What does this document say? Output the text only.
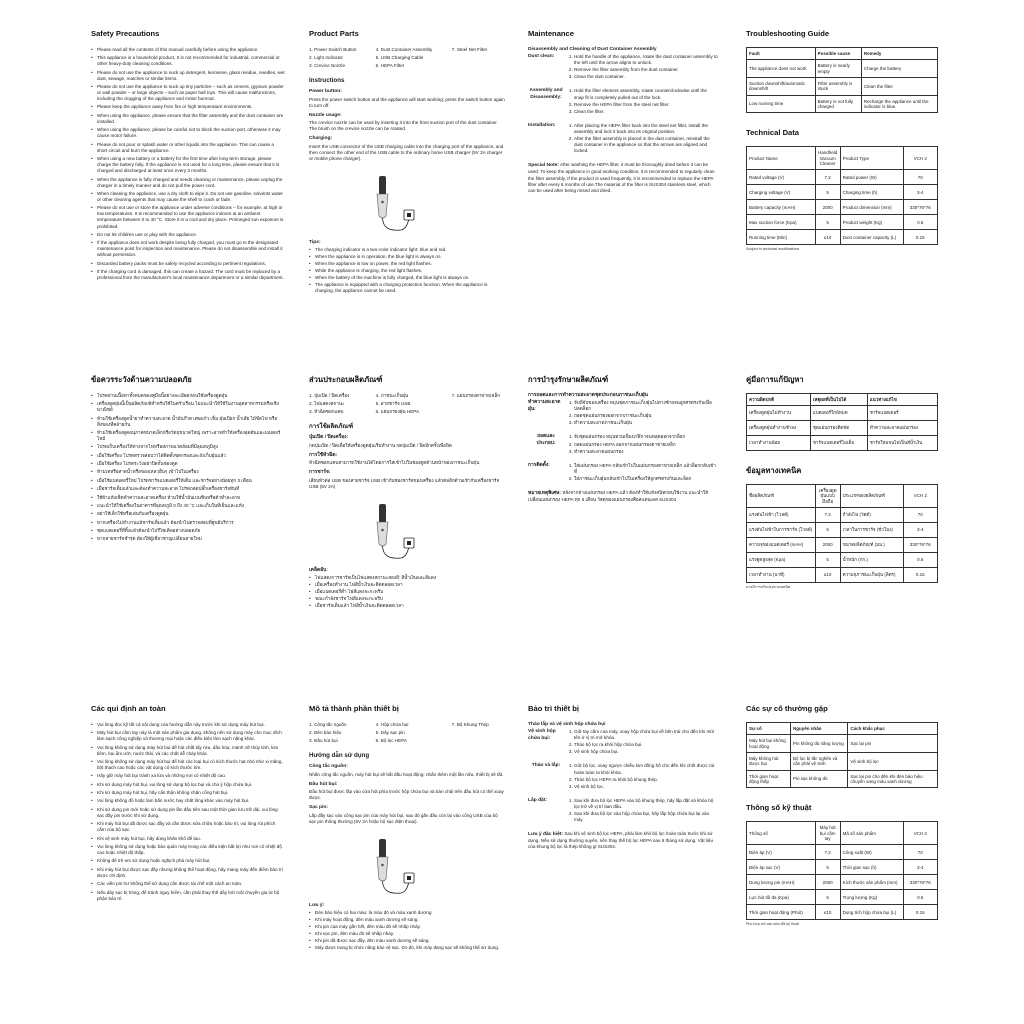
Safety Precautions
• Please read all the contents of this manual carefully before using the appliance.
• This appliance is a household product. It is not recommended for industrial, commercial or other heavy-duty cleaning conditions.
• Please do not use the appliance to suck up detergent, kerosene, glass residue, needles, wet dust, sewage, matches or similar items.
• Please do not use the appliance to suck up tiny particles – such as cement, gypsum powder or wall powder – or large objects – such as paper ball toys. This will cause malfunctions, including the clogging of the appliance and motor burnout.
• Please keep the appliance away from fire or high temperature environments.
• When using the appliance, please ensure that the filter assembly and the dust container are installed.
• When using the appliance, please be careful not to block the suction port, otherwise it may cause motor failure.
• Please do not pour or splash water or other liquids into the appliance. This can cause a short circuit and burn the appliance.
• When using a new battery or a battery for the first time after long-term storage, please charge the battery fully. If the appliance is not used for a long time, please ensure that it is charged and discharged at least once every 3 months.
• When the appliance is fully charged and needs cleaning or maintenance, please unplug the charger in a timely manner and do not pull the power cord.
• When cleaning the appliance, use a dry cloth to wipe it. Do not use gasoline, solvents water or other cleaning agents that may cause the shell to crack or fade.
• Please do not use or store the appliance under adverse conditions – for example, at high or low temperatures. It is recommended to use the appliance indoors at an ambient temperature between 0 to 40 °C. Store it in a cool and dry place. Prolonged sun exposure is prohibited.
• Do not let children use or play with the appliance.
• If the appliance does not work despite being fully charged, you must go to the designated maintenance point for inspection and maintenance. Please do not disassemble and install it without permission.
• Discarded battery packs must be safely recycled according to pertinent regulations.
• If the charging cord is damaged, this can create a hazard. The cord must be replaced by a professional from the manufacturer's local maintenance department or a similar department.
Product Parts
1. Power Switch Button	4. Dust Container Assembly	7. Steel Net Filter
2. Light Indicator	5. USB Charging Cable
3. Crevice Nozzle	6. HEPA Filter
Instructions
Power button:

Press the power switch button and the appliance will start working; press the switch button again to turn off.

Nozzle usage:

The crevice nozzle can be used by inserting it into the front suction port of the dust container. The brush on the crevice nozzle can be rotated.

Charging:

Insert the USB connector of the USB charging cable into the charging port of the appliance, and then connect the other end of the USB cable to the ordinary home USB charger (5V 2A charger or mobile phone charger).

Tips:
• The charging indicator is a two-color indicator light: blue and red.
• When the appliance is in operation, the blue light is always on.
• When the appliance is low on power, the red light flashes.
• While the appliance is charging, the red light flashes.
• When the battery of the machine is fully charged, the blue light is always on.
• The appliance is equipped with a charging protection function. When the appliance is charging, the appliance cannot be used.
Maintenance
Disassembly and Cleaning of Dust Container Assembly
Dust clean:	1. Hold the handle of the appliance, rotate the dust container assembly to the left until the arrow aligns to unlock.
2. Remove the filter assembly from the dust container.
3. Clean the dust container.
Assembly and Disassembly:
1. Hold the filter element assembly, rotate counterclockwise until the snap fit is completely pulled out of the lock.
2. Remove the HEPA filter from the steel net filter.
3. Clean the filter.
Installation:	1. After placing the HEPA filter back into the steel net filter, install the assembly and lock it back into its original position.
2. After the filter assembly is placed in the dust container, reinstall the dust container in the appliance so that the arrows are aligned and locked.

Special Note: After washing the HEPA filter, it must be thoroughly dried before it can be used. To keep the appliance in good working condition, it is recommended to regularly clean the filter assembly. If the product is used frequently, it is recommended to replace the HEPA filter after every 6 months of use.The material of the filter is SUS304 stainless steel, which can be used after being rinsed and dried.

Troubleshooting Guide
Fault	Possible cause	Remedy
The appliance does not work	Battery is nearly empty	Charge the battery
Suction downshift/automatic downshift	Filter assembly is stuck	Clean the filter
Low running time	Battery is not fully charged	Recharge the appliance until the indicator is blue.
Technical Data
Product Name	Handheld Vacuum Cleaner	Product Type	VCH 2
Rated voltage (V)	7.2	Rated power (W)	70
Charging voltage (V)	5	Charging time (h)	3-4
Battery capacity (mAH)	2000	Product dimension (mm)	330*76*76
Max suction force (Kpa)	5	Product weight (Kg)	0.6
Running time (Min)	≤10	Dust container capacity (L)	0.15

Subject to technical modifications

ข้อควรระวังด้านความปลอดภัย
• โปรดอ่านเนื้อหาทั้งหมดของคู่มือนี้อย่างละเอียดก่อนใช้เครื่องดูดฝุ่น
• เครื่องดูดฝุ่นนี้เป็นผลิตภัณฑ์สำหรับใช้ในครัวเรือน ไม่แนะนำให้ใช้ในงานอุตสาหกรรมหรือเชิงพาณิชย์
• ห้ามใช้เครื่องดูดน้ำยาทำความสะอาด น้ำมันก๊าด เศษแก้ว เข็ม ฝุ่นเปียก น้ำเสีย ไม้ขีดไฟ หรือสิ่งของที่คล้ายกัน
• ห้ามใช้เครื่องดูดอนุภาคขนาดเล็กหรือวัตถุขนาดใหญ่ เพราะอาจทำให้เครื่องอุดตันและมอเตอร์ไหม้
• โปรดเก็บเครื่องให้ห่างจากไฟหรือสภาพแวดล้อมที่มีอุณหภูมิสูง
• เมื่อใช้เครื่อง โปรดตรวจสอบว่าได้ติดตั้งชุดกรองและถังเก็บฝุ่นแล้ว
• เมื่อใช้เครื่อง โปรดระวังอย่าปิดกั้นช่องดูด
• ห้ามเทหรือสาดน้ำหรือของเหลวอื่นๆ เข้าไปในเครื่อง
• เมื่อใช้แบตเตอรี่ใหม่ โปรดชาร์จแบตเตอรี่ให้เต็ม และชาร์จอย่างน้อยทุก 3 เดือน
• เมื่อชาร์จเต็มแล้วและต้องทำความสะอาด โปรดถอดปลั๊กเครื่องชาร์จทันที
• ใช้ผ้าแห้งเช็ดทำความสะอาดเครื่อง ห้ามใช้น้ำมันเบนซินหรือตัวทำละลาย
• แนะนำให้ใช้เครื่องในอาคารที่อุณหภูมิ 0 ถึง 40 °C และเก็บในที่เย็นและแห้ง
• อย่าให้เด็กใช้หรือเล่นกับเครื่องดูดฝุ่น
• หากเครื่องไม่ทำงานแม้ชาร์จเต็มแล้ว ต้องนำไปตรวจสอบที่ศูนย์บริการ
• ชุดแบตเตอรี่ที่ทิ้งแล้วต้องนำไปรีไซเคิลอย่างปลอดภัย
• หากสายชาร์จชำรุด ต้องให้ผู้เชี่ยวชาญเปลี่ยนสายใหม่
ส่วนประกอบผลิตภัณฑ์
1. ปุ่มเปิด / ปิดเครื่อง	4. ภาชนะเก็บฝุ่น	7. แผ่นกรองตาข่ายเหล็ก
2. ไฟแสดงสถานะ	5. สายชาร์จ USB
3. หัวฉีดซอกแคบ	6. แผ่นกรองฝุ่น HEPA
การใช้ผลิตภัณฑ์
ปุ่มเปิด / ปิดเครื่อง:

กดปุ่มเปิด / ปิดเพื่อให้เครื่องดูดฝุ่นเริ่มทำงาน กดปุ่มเปิด / ปิดอีกครั้งเพื่อปิด

การใช้หัวฉีด:

หัวฉีดซอกแคบสามารถใช้งานได้โดยการใส่เข้าไปในช่องดูดด้านหน้าของภาชนะเก็บฝุ่น

การชาร์จ:

เสียบหัวต่อ USB ของสายชาร์จ USB เข้ากับช่องชาร์จของเครื่อง แล้วต่ออีกด้านเข้ากับเครื่องชาร์จ USB (5V 2A)

เคล็ดลับ:
• ไฟแสดงการชาร์จเป็นไฟแสดงสถานะสองสี: สีน้ำเงินและสีแดง
• เมื่อเครื่องทำงาน ไฟสีน้ำเงินจะติดตลอดเวลา
• เมื่อแบตเตอรี่ต่ำ ไฟสีแดงจะกะพริบ
• ขณะกำลังชาร์จ ไฟสีแดงจะกะพริบ
• เมื่อชาร์จเต็มแล้ว ไฟสีน้ำเงินจะติดตลอดเวลา
การบำรุงรักษาผลิตภัณฑ์
การถอดและการทำความสะอาดชุดประกอบภาชนะเก็บฝุ่น
ทำความสะอาดฝุ่น:
1. จับที่จับของเครื่อง หมุนชุดภาชนะเก็บฝุ่นไปทางซ้ายจนลูกศรตรงกันเพื่อปลดล็อก
2. ถอดชุดแผ่นกรองออกจากภาชนะเก็บฝุ่น
3. ทำความสะอาดภาชนะเก็บฝุ่น
ถอดและประกอบ:
1. จับชุดแผ่นกรอง หมุนทวนเข็มนาฬิกาจนหลุดออกจากล็อก
2. ถอดแผ่นกรอง HEPA ออกจากแผ่นกรองตาข่ายเหล็ก
3. ทำความสะอาดแผ่นกรอง
การติดตั้ง:	1. ใส่แผ่นกรอง HEPA กลับเข้าไปในแผ่นกรองตาข่ายเหล็ก แล้วล็อกกลับเข้าที่
2. ใส่ภาชนะเก็บฝุ่นกลับเข้าไปในเครื่องให้ลูกศรตรงกันและล็อก

หมายเหตุพิเศษ: หลังจากล้างแผ่นกรอง HEPA แล้ว ต้องทำให้แห้งสนิทก่อนใช้งาน แนะนำให้เปลี่ยนแผ่นกรอง HEPA ทุก 6 เดือน วัสดุของแผ่นกรองคือสแตนเลส SUS304

คู่มือการแก้ปัญหา
ความผิดปกติ	เหตุผลที่เป็นไปได้	แนวทางแก้ไข
เครื่องดูดฝุ่นไม่ทำงาน	แบตเตอรี่ใกล้หมด	ชาร์จแบตเตอรี่
เครื่องดูดฝุ่นทำงานช้าลง	ชุดแผ่นกรองติดขัด	ทำความสะอาดแผ่นกรอง
เวลาทำงานน้อย	ชาร์จแบตเตอรี่ไม่เต็ม	ชาร์จใหม่จนไฟเป็นสีน้ำเงิน
ข้อมูลทางเทคนิค
ชื่อผลิตภัณฑ์	เครื่องดูดฝุ่นแบบมือถือ	ประเภทของผลิตภัณฑ์	VCH 2
แรงดันไฟฟ้า (โวลต์)	7.2	กำลังไฟ (วัตต์)	70
แรงดันไฟฟ้าในการชาร์จ (โวลต์)	5	เวลาในการชาร์จ (ชั่วโมง)	3-4
ความจุของแบตเตอรี่ (mAH)	2000	ขนาดผลิตภัณฑ์ (มม.)	330*76*76
แรงดูดสูงสุด (Kpa)	5	น้ำหนัก (กก.)	0.6
เวลาทำงาน (นาที)	≤10	ความจุภาชนะเก็บฝุ่น (ลิตร)	0.15

อาจมีการปรับปรุงทางเทคนิค

Các qui định an toàn
• Vui lòng đọc kỹ tất cả nội dung của hướng dẫn này trước khi sử dụng máy hút bụi.
• Máy hút bụi cầm tay này là một sản phẩm gia dụng, không nên sử dụng máy cho mục đích làm sạch công nghiệp và thương mại hoặc các điều kiện làm sạch nặng khác.
• Vui lòng không sử dụng máy hút bụi để hút chất tẩy rửa, dầu hỏa, mảnh vỡ thủy tinh, kim tiêm, bụi ẩm ướt, nước thải, và các chất dễ cháy khác.
• Vui lòng không sử dụng máy hút bụi để hút các loại bụi có kích thước hạt nhỏ như xi măng, bột thạch cao hoặc các vật dụng có kích thước lớn.
• Hãy giữ máy hút bụi tránh xa lửa và những nơi có nhiệt độ cao.
• Khi sử dụng máy hút bụi, vui lòng sử dụng bộ lọc bụi và chú ý hộp chứa bụi.
• Khi sử dụng máy hút bụi, hãy cẩn thận không chặn cổng hút bụi.
• Vui lòng không đổ hoặc làm bắn nước hay chất lỏng khác vào máy hút bụi.
• Khi sử dụng pin mới hoặc sử dụng pin lần đầu tiên sau một thời gian lưu trữ dài, vui lòng sạc đầy pin trước khi sử dụng.
• Khi máy hút bụi đã được sạc đầy và cần được sửa chữa hoặc bảo trì, vui lòng rút phích cắm của bộ sạc.
• Khi vệ sinh máy hút bụi, hãy dùng khăn khô để lau.
• Vui lòng không sử dụng hoặc bảo quản máy trong các điều kiện bất lợi như nơi có nhiệt độ cao hoặc nhiệt độ thấp.
• Không để trẻ em sử dụng hoặc nghịch phá máy hút bụi.
• Khi máy hút bụi được sạc đầy nhưng không thể hoạt động, hãy mang máy đến điểm bảo trì được chỉ định.
• Các viên pin hư không thể sử dụng cần được tái chế một cách an toàn.
• Nếu dây sạc bị hỏng, để tránh nguy hiểm, cần phải thay thế dây bởi một chuyên gia từ bộ phận bảo trì.
Mô tả thành phần thiết bị
1. Công tắc nguồn	4. Hộp chứa bụi	7. Bộ Khung Thép
2. Đèn báo hiệu	5. Dây sạc pin
3. Đầu hút bụi	6. Bộ lọc HEPA
Hướng dẫn sử dụng
Công tắc nguồn:

Nhấn công tắc nguồn, máy hút bụi sẽ bắt đầu hoạt động; nhấn thêm một lần nữa, thiết bị sẽ tắt.

Đầu hút bụi:

Đầu hút bụi được lắp vào cửa hút phía trước hộp chứa bụi và bàn chải trên đầu hút có thể xoay được.

Sạc pin:

Lắp đầy sạc vào cổng sạc pin của máy hút bụi, sau đó gắn đầu còn lại vào cổng USB của bộ sạc pin thông thường (5V 2A hoặc bộ sạc điện thoại).

Lưu ý:
• Đèn báo hiệu có hai màu: là màu đỏ và màu xanh dương.
• Khi máy hoạt động, đèn màu xanh dương sẽ sáng.
• Khi pin của máy gần hết, đèn màu đỏ sẽ nhấp nháy.
• Khi sạc pin, đèn màu đỏ sẽ nhấp nháy.
• Khi pin đã được sạc đầy, đèn màu xanh dương sẽ sáng.
• Máy được trang bị chức năng bảo vệ sạc. Do đó, khi máy đang sạc sẽ không thể sử dụng.
Bảo trì thiết bị
Tháo lắp và vệ sinh hộp chứa bụi
Vệ sinh hộp chứa bụi:
1. Giữ tay cầm của máy, xoay hộp chứa bụi về bên trái cho đến khi mũi tên ở vị trí mở khóa.
2. Tháo bộ lọc ra khỏi hộp chứa bụi.
3. Vệ sinh hộp chứa bụi.
Tháo và lắp:	1. Giữ bộ lọc, xoay ngược chiều kim đồng hồ cho đến khi chốt được rút hoàn toàn ra khỏi khóa.
2. Tháo bộ lọc HEPA ra khỏi bộ khung thép.
3. Vệ sinh bộ lọc.
Lắp đặt:	1. Sau khi đưa bộ lọc HEPA vào bộ khung thép, hãy lắp đặt và khóa bộ lọc trở về vị trí ban đầu.
2. Sau khi đưa bộ lọc vào hộp chứa bụi, hãy lắp hộp chứa bụi lại vào máy.

Lưu ý đặc biệt: Sau khi vệ sinh bộ lọc HEPA, phải làm khô bộ lọc hoàn toàn trước khi sử dụng. Nếu sử dụng thường xuyên, nên thay thế bộ lọc HEPA sau 6 tháng sử dụng. Vật liệu của khung bộ lọc là thép không gỉ SUS304.

Các sự cố thường gặp
Sự cố	Nguyên nhân	Cách khắc phục
Máy hút bụi không hoạt động	Pin không đủ năng lượng	Sạc lại pin
Máy không hút được bụi	Bộ lọc bị tắc nghẽn và cần phải vệ sinh	Vệ sinh bộ lọc
Thời gian hoạt động thấp	Pin sạc không đủ	Sạc lại pin cho đến khi đèn báo hiệu chuyển sang màu xanh dương
Thông số kỹ thuật
Thông số	Máy hút bụi cầm tay	Mã số sản phẩm	VCH 2
Điện áp (V)	7.2	Công suất (W)	70
Điện áp sạc (V)	5	Thời gian sạc (h)	3-4
Dung lượng pin (mAH)	2000	Kích thước sản phẩm (mm)	330*76*76
Lực hút tối đa (Kpa)	5	Trọng lượng (Kg)	0.6
Thời gian hoạt động (Phút)	≤10	Dung tích hộp chứa bụi (L)	0.15

Phù hợp với các sửa đổi kỹ thuật
